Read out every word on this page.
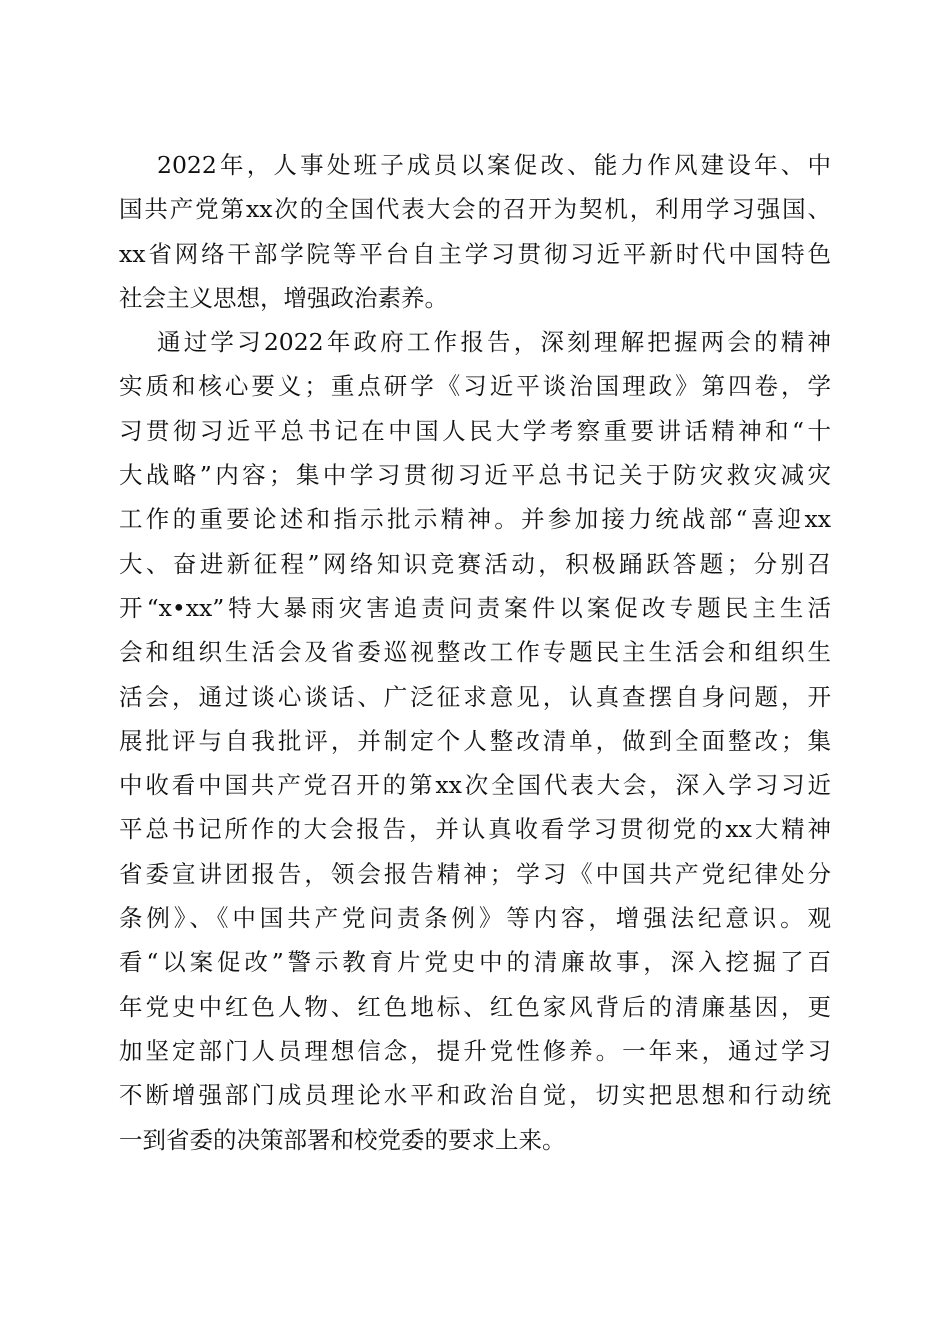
2022年，人事处班子成员以案促改、能力作风建设年、中
国共产党第xx次的全国代表大会的召开为契机，利用学习强国、
xx省网络干部学院等平台自主学习贯彻习近平新时代中国特色
社会主义思想，增强政治素养。
通过学习2022年政府工作报告，深刻理解把握两会的精神
实质和核心要义；重点研学《习近平谈治国理政》第四卷，学
习贯彻习近平总书记在中国人民大学考察重要讲话精神和“十
大战略”内容；集中学习贯彻习近平总书记关于防灾救灾减灾
工作的重要论述和指示批示精神。并参加接力统战部“喜迎xx
大、奋进新征程”网络知识竞赛活动，积极踊跃答题；分别召
开“x•xx”特大暴雨灾害追责问责案件以案促改专题民主生活
会和组织生活会及省委巡视整改工作专题民主生活会和组织生
活会，通过谈心谈话、广泛征求意见，认真查摆自身问题，开
展批评与自我批评，并制定个人整改清单，做到全面整改；集
中收看中国共产党召开的第xx次全国代表大会，深入学习习近
平总书记所作的大会报告，并认真收看学习贯彻党的xx大精神
省委宣讲团报告，领会报告精神；学习《中国共产党纪律处分
条例》、《中国共产党问责条例》等内容，增强法纪意识。观
看“以案促改”警示教育片党史中的清廉故事，深入挖掘了百
年党史中红色人物、红色地标、红色家风背后的清廉基因，更
加坚定部门人员理想信念，提升党性修养。一年来，通过学习
不断增强部门成员理论水平和政治自觉，切实把思想和行动统
一到省委的决策部署和校党委的要求上来。
